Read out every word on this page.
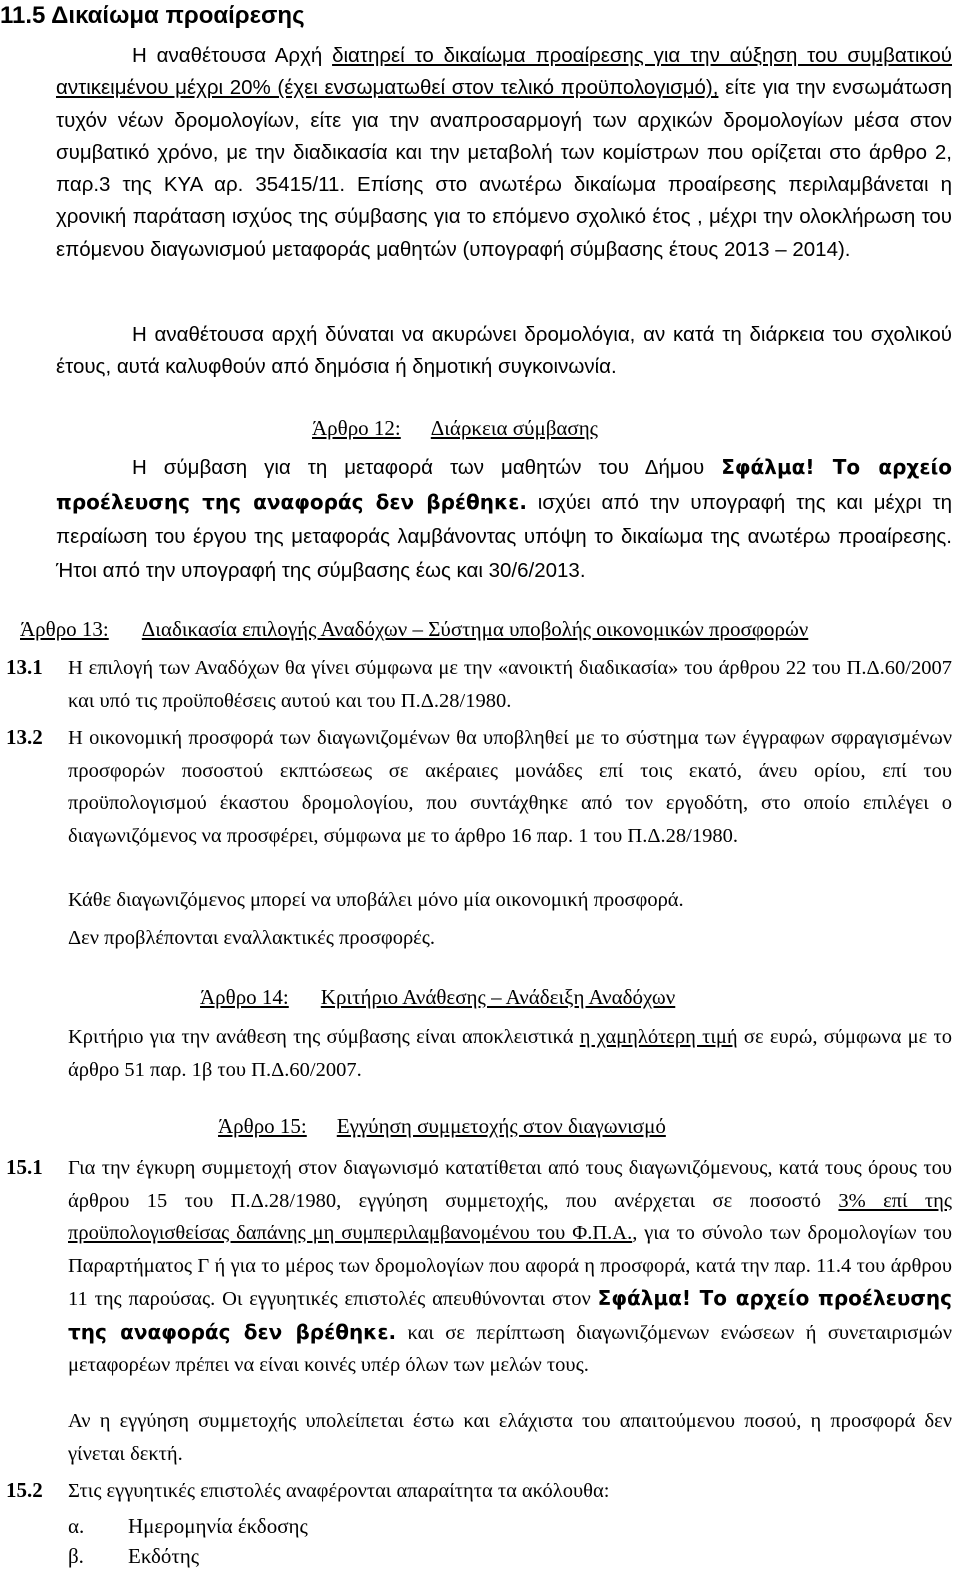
11.5 Δικαίωμα προαίρεσης
Η αναθέτουσα Αρχή διατηρεί το δικαίωμα προαίρεσης για την αύξηση του συμβατικού αντικειμένου μέχρι 20% (έχει ενσωματωθεί στον τελικό προϋπολογισμό), είτε για την ενσωμάτωση τυχόν νέων δρομολογίων, είτε για την αναπροσαρμογή των αρχικών δρομολογίων μέσα στον συμβατικό χρόνο, με την διαδικασία και την μεταβολή των κομίστρων που ορίζεται στο άρθρο 2, παρ.3 της ΚΥΑ αρ. 35415/11. Επίσης στο ανωτέρω δικαίωμα προαίρεσης περιλαμβάνεται η χρονική παράταση ισχύος της σύμβασης για το επόμενο σχολικό έτος , μέχρι την ολοκλήρωση του επόμενου διαγωνισμού μεταφοράς μαθητών (υπογραφή σύμβασης έτους 2013 – 2014).
Η αναθέτουσα αρχή δύναται να ακυρώνει δρομολόγια, αν κατά τη διάρκεια του σχολικού έτους, αυτά καλυφθούν από δημόσια ή δημοτική συγκοινωνία.
Άρθρο 12: Διάρκεια σύμβασης
Η σύμβαση για τη μεταφορά των μαθητών του Δήμου Σφάλμα! Το αρχείο προέλευσης της αναφοράς δεν βρέθηκε. ισχύει από την υπογραφή της και μέχρι τη περαίωση του έργου της μεταφοράς λαμβάνοντας υπόψη το δικαίωμα της ανωτέρω προαίρεσης. Ήτοι από την υπογραφή της σύμβασης έως και 30/6/2013.
Άρθρο 13: Διαδικασία επιλογής Αναδόχων – Σύστημα υποβολής οικονομικών προσφορών
13.1 Η επιλογή των Αναδόχων θα γίνει σύμφωνα με την «ανοικτή διαδικασία» του άρθρου 22 του Π.Δ.60/2007 και υπό τις προϋποθέσεις αυτού και του Π.Δ.28/1980.
13.2 Η οικονομική προσφορά των διαγωνιζομένων θα υποβληθεί με το σύστημα των έγγραφων σφραγισμένων προσφορών ποσοστού εκπτώσεως σε ακέραιες μονάδες επί τοις εκατό, άνευ ορίου, επί του προϋπολογισμού έκαστου δρομολογίου, που συντάχθηκε από τον εργοδότη, στο οποίο επιλέγει ο διαγωνιζόμενος να προσφέρει, σύμφωνα με το άρθρο 16 παρ. 1 του Π.Δ.28/1980.
Κάθε διαγωνιζόμενος μπορεί να υποβάλει μόνο μία οικονομική προσφορά.
Δεν προβλέπονται εναλλακτικές προσφορές.
Άρθρο 14: Κριτήριο Ανάθεσης – Ανάδειξη Αναδόχων
Κριτήριο για την ανάθεση της σύμβασης είναι αποκλειστικά η χαμηλότερη τιμή σε ευρώ, σύμφωνα με το άρθρο 51 παρ. 1β του Π.Δ.60/2007.
Άρθρο 15: Εγγύηση συμμετοχής στον διαγωνισμό
15.1 Για την έγκυρη συμμετοχή στον διαγωνισμό κατατίθεται από τους διαγωνιζόμενους, κατά τους όρους του άρθρου 15 του Π.Δ.28/1980, εγγύηση συμμετοχής, που ανέρχεται σε ποσοστό 3% επί της προϋπολογισθείσας δαπάνης μη συμπεριλαμβανομένου του Φ.Π.Α., για το σύνολο των δρομολογίων του Παραρτήματος Γ ή για το μέρος των δρομολογίων που αφορά η προσφορά, κατά την παρ. 11.4 του άρθρου 11 της παρούσας. Οι εγγυητικές επιστολές απευθύνονται στον Σφάλμα! Το αρχείο προέλευσης της αναφοράς δεν βρέθηκε. και σε περίπτωση διαγωνιζόμενων ενώσεων ή συνεταιρισμών μεταφορέων πρέπει να είναι κοινές υπέρ όλων των μελών τους.
Αν η εγγύηση συμμετοχής υπολείπεται έστω και ελάχιστα του απαιτούμενου ποσού, η προσφορά δεν γίνεται δεκτή.
15.2 Στις εγγυητικές επιστολές αναφέρονται απαραίτητα τα ακόλουθα:
α. Ημερομηνία έκδοσης
β. Εκδότης
